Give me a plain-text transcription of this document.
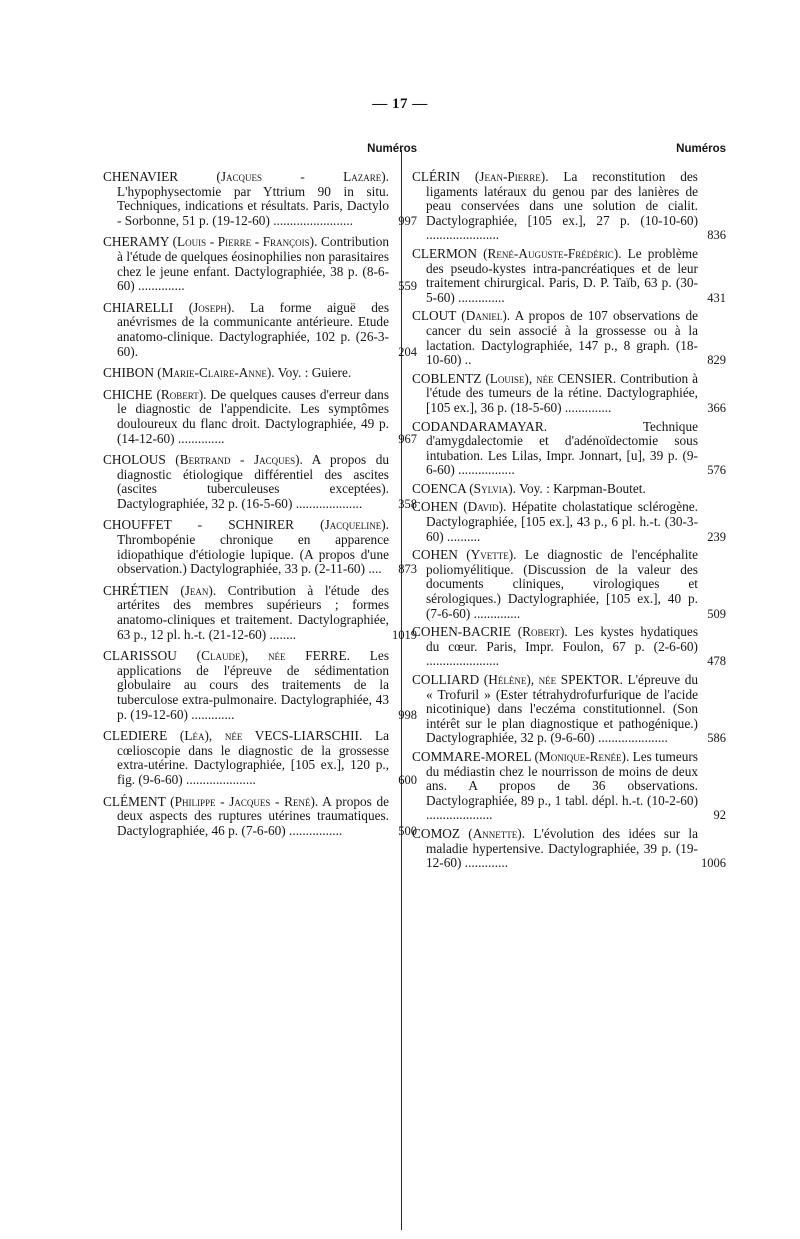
— 17 —
Numéros
CHENAVIER (Jacques - Lazare). L'hypophysectomie par Yttrium 90 in situ. Techniques, indications et résultats. Paris, Dactylo - Sorbonne, 51 p. (19-12-60) ........................	997
CHERAMY (Louis - Pierre - François). Contribution à l'étude de quelques éosinophilies non parasitaires chez le jeune enfant. Dactylographiée, 38 p. (8-6-60) ..............	559
CHIARELLI (Joseph). La forme aiguë des anévrismes de la communicante antérieure. Etude anatomo-clinique. Dactylographiée, 102 p. (26-3-60).	204
CHIBON (Marie-Claire-Anne). Voy. : Guiere.
CHICHE (Robert). De quelques causes d'erreur dans le diagnostic de l'appendicite. Les symptômes douloureux du flanc droit. Dactylographiée, 49 p. (14-12-60) ..............	967
CHOLOUS (Bertrand - Jacques). A propos du diagnostic étiologique différentiel des ascites (ascites tuberculeuses exceptées). Dactylographiée, 32 p. (16-5-60) ....................	358
CHOUFFET - SCHNIRER (Jacqueline). Thrombopénie chronique en apparence idiopathique d'étiologie lupique. (A propos d'une observation.) Dactylographiée, 33 p. (2-11-60) .... 873
CHRÉTIEN (Jean). Contribution à l'étude des artérites des membres supérieurs ; formes anatomo-cliniques et traitement. Dactylographiée, 63 p., 12 pl. h.-t. (21-12-60) ........	1019
CLARISSOU (Claude), née FERRE. Les applications de l'épreuve de sédimentation globulaire au cours des traitements de la tuberculose extra-pulmonaire. Dactylographiée, 43 p. (19-12-60) .............	998
CLEDIERE (Léa), née VECS-LIARSCHII. La cœlioscopie dans le diagnostic de la grossesse extra-utérine. Dactylographiée, [105 ex.], 120 p., fig. (9-6-60) .....................	600
CLÉMENT (Philippe - Jacques - René). A propos de deux aspects des ruptures utérines traumatiques. Dactylographiée, 46 p. (7-6-60) ................	500
Numéros
CLÉRIN (Jean-Pierre). La reconstitution des ligaments latéraux du genou par des lanières de peau conservées dans une solution de cialit. Dactylographiée, [105 ex.], 27 p. (10-10-60) ......................	836
CLERMON (René-Auguste-Frédéric). Le problème des pseudo-kystes intra-pancréatiques et de leur traitement chirurgical. Paris, D. P. Taïb, 63 p. (30-5-60) ..............	431
CLOUT (Daniel). A propos de 107 observations de cancer du sein associé à la grossesse ou à la lactation. Dactylographiée, 147 p., 8 graph. (18-10-60) ..	829
COBLENTZ (Louise), née CENSIER. Contribution à l'étude des tumeurs de la rétine. Dactylographiée, [105 ex.], 36 p. (18-5-60) ..............	366
CODANDARAMAYAR.	Technique d'amygdalectomie et d'adénoïdectomie sous intubation. Les Lilas, Impr. Jonnart, [u], 39 p. (9-6-60) .................	576
COENCA (Sylvia). Voy. : Karpman-Boutet.
COHEN (David). Hépatite cholastatique sclérogène. Dactylographiée, [105 ex.], 43 p., 6 pl. h.-t. (30-3-60) ..........	239
COHEN (Yvette). Le diagnostic de l'encéphalite poliomyélitique. (Discussion de la valeur des documents cliniques, virologiques et sérologiques.) Dactylographiée, [105 ex.], 40 p. (7-6-60) ..............	509
COHEN-BACRIE (Robert). Les kystes hydatiques du cœur. Paris, Impr. Foulon, 67 p. (2-6-60) ......................	478
COLLIARD (Hélène), née SPEKTOR. L'épreuve du « Trofuril » (Ester tétrahydrofurfurique de l'acide nicotinique) dans l'eczéma constitutionnel. (Son intérêt sur le plan diagnostique et pathogénique.) Dactylographiée, 32 p. (9-6-60) .....................	586
COMMARE-MOREL (Monique-Renée). Les tumeurs du médiastin chez le nourrisson de moins de deux ans. A propos de 36 observations. Dactylographiée, 89 p., 1 tabl. dépl. h.-t. (10-2-60) ....................	92
COMOZ (Annette). L'évolution des idées sur la maladie hypertensive. Dactylographiée, 39 p. (19-12-60) .............	1006
